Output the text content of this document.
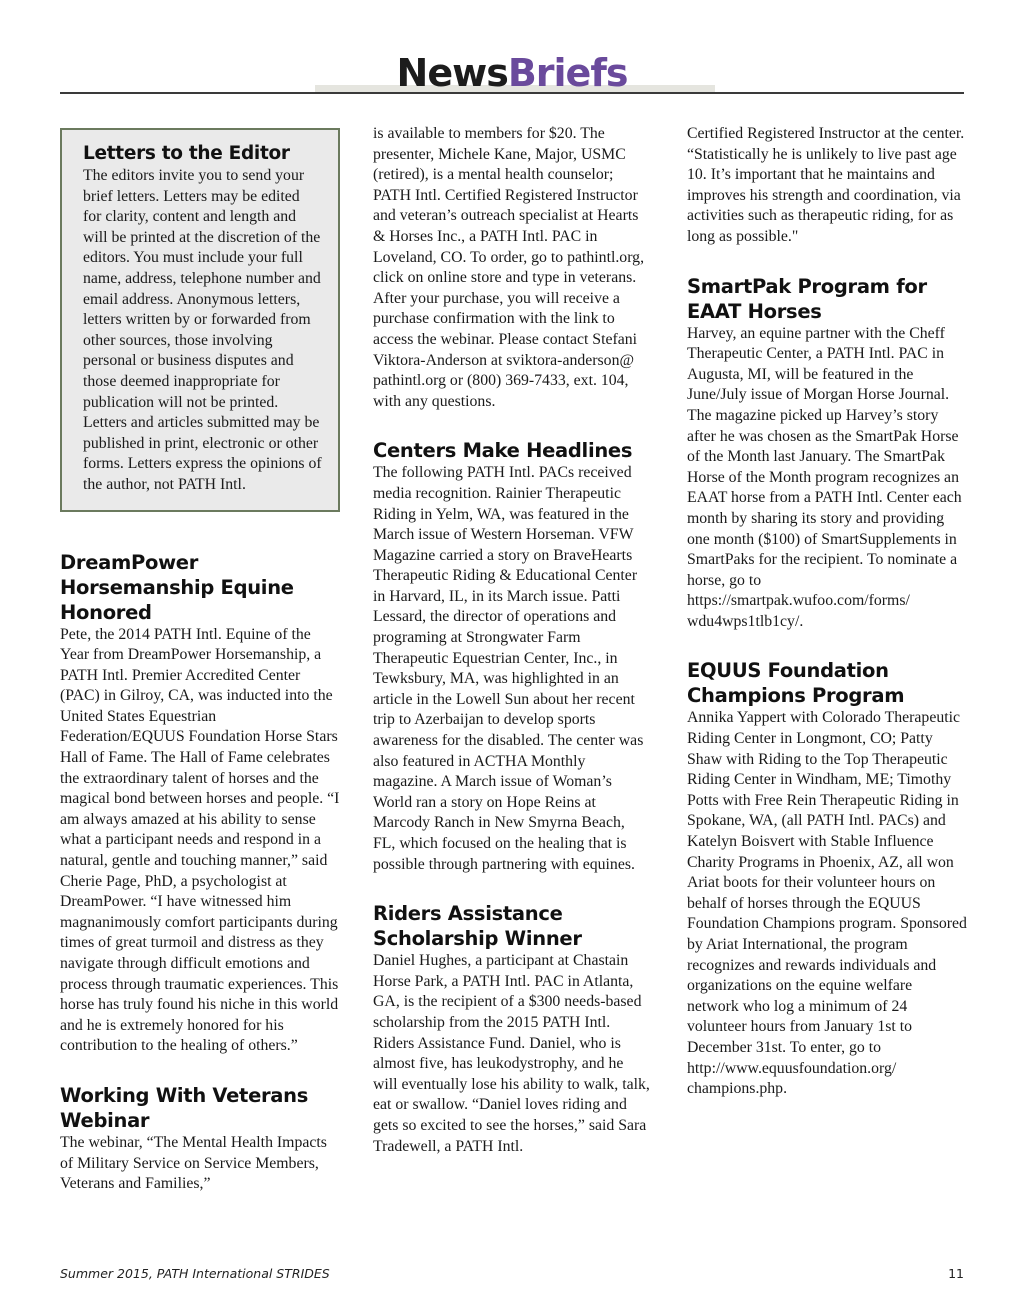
NewsBriefs
Letters to the Editor

The editors invite you to send your brief letters. Letters may be edited for clarity, content and length and will be printed at the discretion of the editors. You must include your full name, address, telephone number and email address. Anonymous letters, letters written by or forwarded from other sources, those involving personal or business disputes and those deemed inappropriate for publication will not be printed. Letters and articles submitted may be published in print, electronic or other forms. Letters express the opinions of the author, not PATH Intl.

DreamPower Horsemanship Equine Honored

Pete, the 2014 PATH Intl. Equine of the Year from DreamPower Horsemanship, a PATH Intl. Premier Accredited Center (PAC) in Gilroy, CA, was inducted into the United States Equestrian Federation/EQUUS Foundation Horse Stars Hall of Fame. The Hall of Fame celebrates the extraordinary talent of horses and the magical bond between horses and people. “I am always amazed at his ability to sense what a participant needs and respond in a natural, gentle and touching manner,” said Cherie Page, PhD, a psychologist at DreamPower. “I have witnessed him magnanimously comfort participants during times of great turmoil and distress as they navigate through difficult emotions and process through traumatic experiences. This horse has truly found his niche in this world and he is extremely honored for his contribution to the healing of others.”

Working With Veterans Webinar

The webinar, “The Mental Health Impacts of Military Service on Service Members, Veterans and Families,”

is available to members for $20. The presenter, Michele Kane, Major, USMC (retired), is a mental health counselor; PATH Intl. Certified Registered Instructor and veteran’s outreach specialist at Hearts & Horses Inc., a PATH Intl. PAC in Loveland, CO. To order, go to pathintl.org, click on online store and type in veterans. After your purchase, you will receive a purchase confirmation with the link to access the webinar. Please contact Stefani Viktora-Anderson at sviktora-anderson@ pathintl.org or (800) 369-7433, ext. 104, with any questions.

Centers Make Headlines

The following PATH Intl. PACs received media recognition. Rainier Therapeutic Riding in Yelm, WA, was featured in the March issue of Western Horseman. VFW Magazine carried a story on BraveHearts Therapeutic Riding & Educational Center in Harvard, IL, in its March issue. Patti Lessard, the director of operations and programing at Strongwater Farm Therapeutic Equestrian Center, Inc., in Tewksbury, MA, was highlighted in an article in the Lowell Sun about her recent trip to Azerbaijan to develop sports awareness for the disabled. The center was also featured in ACTHA Monthly magazine. A March issue of Woman’s World ran a story on Hope Reins at Marcody Ranch in New Smyrna Beach, FL, which focused on the healing that is possible through partnering with equines.

Riders Assistance Scholarship Winner

Daniel Hughes, a participant at Chastain Horse Park, a PATH Intl. PAC in Atlanta, GA, is the recipient of a $300 needs-based scholarship from the 2015 PATH Intl. Riders Assistance Fund. Daniel, who is almost five, has leukodystrophy, and he will eventually lose his ability to walk, talk, eat or swallow. “Daniel loves riding and gets so excited to see the horses,” said Sara Tradewell, a PATH Intl.

Certified Registered Instructor at the center. “Statistically he is unlikely to live past age 10. It’s important that he maintains and improves his strength and coordination, via activities such as therapeutic riding, for as long as possible."

SmartPak Program for EAAT Horses

Harvey, an equine partner with the Cheff Therapeutic Center, a PATH Intl. PAC in Augusta, MI, will be featured in the June/July issue of Morgan Horse Journal. The magazine picked up Harvey’s story after he was chosen as the SmartPak Horse of the Month last January. The SmartPak Horse of the Month program recognizes an EAAT horse from a PATH Intl. Center each month by sharing its story and providing one month ($100) of SmartSupplements in SmartPaks for the recipient. To nominate a horse, go to https://smartpak.wufoo.com/forms/ wdu4wps1tlb1cy/.

EQUUS Foundation Champions Program

Annika Yappert with Colorado Therapeutic Riding Center in Longmont, CO; Patty Shaw with Riding to the Top Therapeutic Riding Center in Windham, ME; Timothy Potts with Free Rein Therapeutic Riding in Spokane, WA, (all PATH Intl. PACs) and Katelyn Boisvert with Stable Influence Charity Programs in Phoenix, AZ, all won Ariat boots for their volunteer hours on behalf of horses through the EQUUS Foundation Champions program. Sponsored by Ariat International, the program recognizes and rewards individuals and organizations on the equine welfare network who log a minimum of 24 volunteer hours from January 1st to December 31st. To enter, go to http://www.equusfoundation.org/ champions.php.

Summer 2015, PATH International STRIDES	11
